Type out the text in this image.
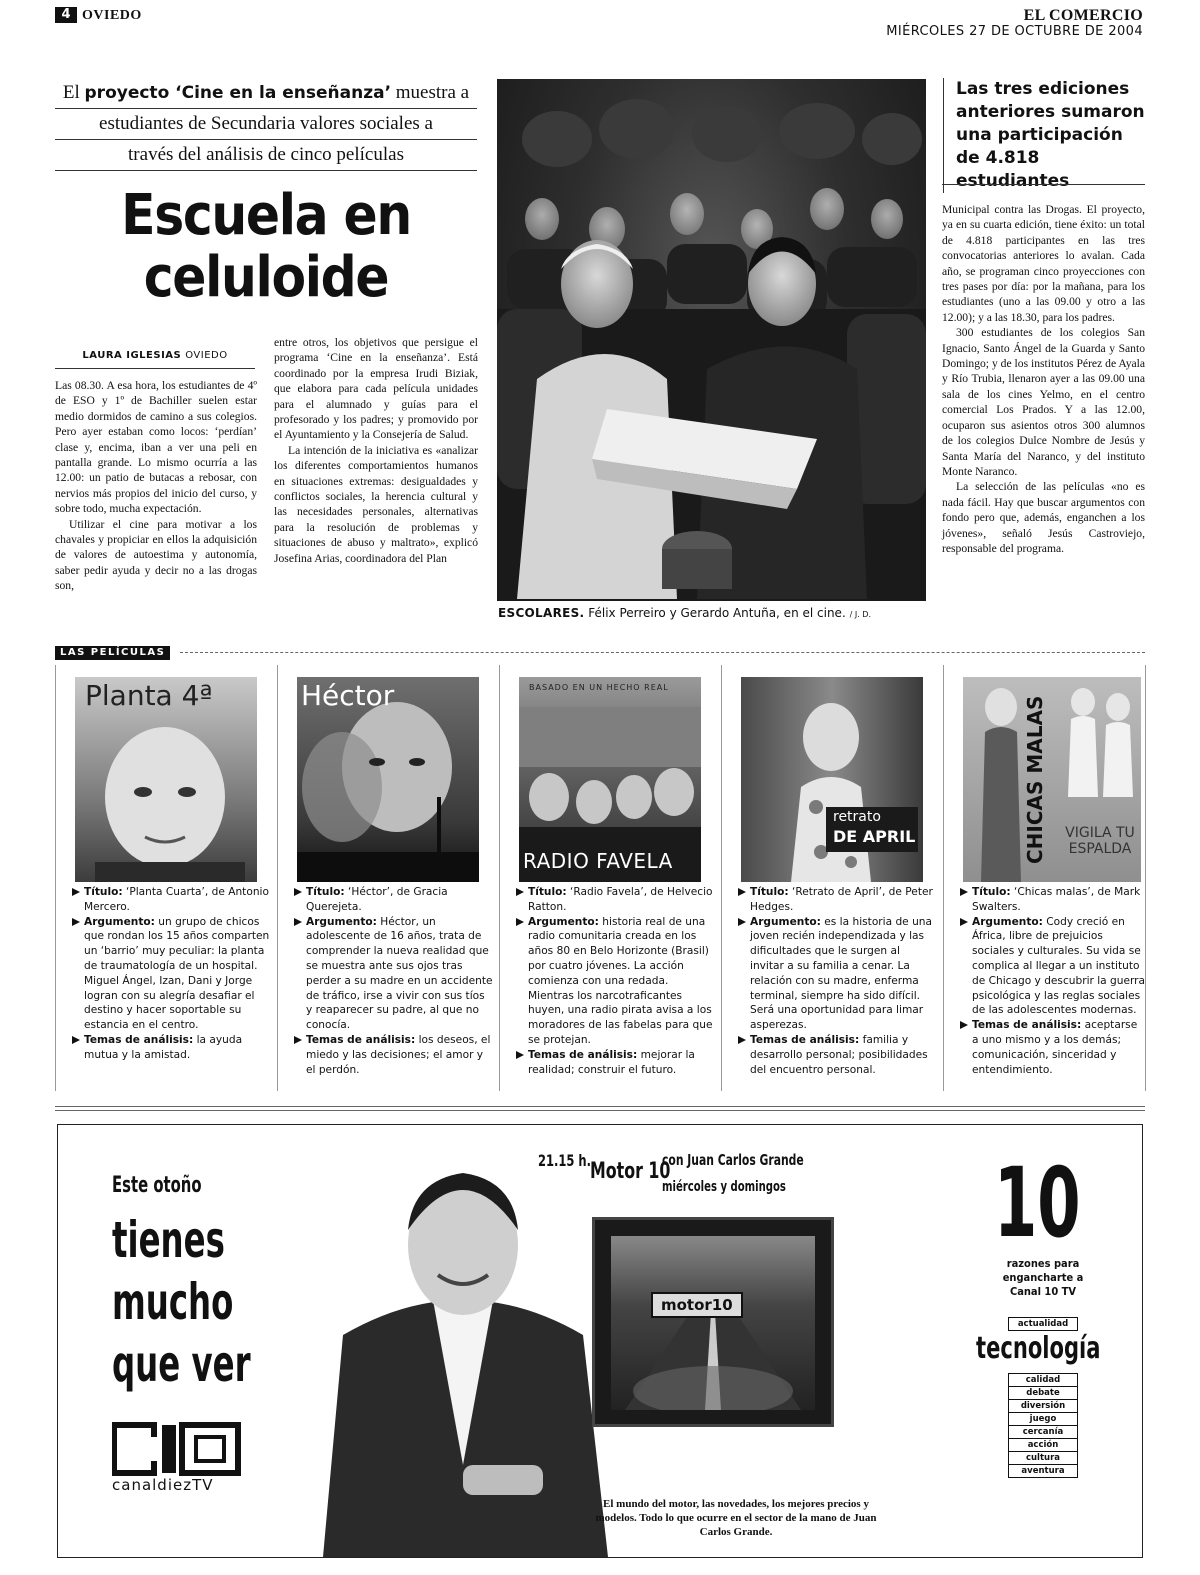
4 OVIEDO	EL COMERCIO
MIÉRCOLES 27 DE OCTUBRE DE 2004
El proyecto ‘Cine en la enseñanza’ muestra a
estudiantes de Secundaria valores sociales a
través del análisis de cinco películas
Escuela en
celuloide
LAURA IGLESIAS OVIEDO

Las 08.30. A esa hora, los estudiantes de 4º de ESO y 1º de Bachiller suelen estar medio dormidos de camino a sus colegios. Pero ayer estaban como locos: ‘perdían’ clase y, encima, iban a ver una peli en pantalla grande. Lo mismo ocurría a las 12.00: un patio de butacas a rebosar, con nervios más propios del inicio del curso, y sobre todo, mucha expectación.

Utilizar el cine para motivar a los chavales y propiciar en ellos la adquisición de valores de autoestima y autonomía, saber pedir ayuda y decir no a las drogas son,

entre otros, los objetivos que persigue el programa ‘Cine en la enseñanza’. Está coordinado por la empresa Irudi Biziak, que elabora para cada película unidades para el alumnado y guías para el profesorado y los padres; y promovido por el Ayuntamiento y la Consejería de Salud.

La intención de la iniciativa es «analizar los diferentes comportamientos humanos en situaciones extremas: desigualdades y conflictos sociales, la herencia cultural y las necesidades personales, alternativas para la resolución de problemas y situaciones de abuso y maltrato», explicó Josefina Arias, coordinadora del Plan

Municipal contra las Drogas. El proyecto, ya en su cuarta edición, tiene éxito: un total de 4.818 participantes en las tres convocatorias anteriores lo avalan. Cada año, se programan cinco proyecciones con tres pases por día: por la mañana, para los estudiantes (uno a las 09.00 y otro a las 12.00); y a las 18.30, para los padres.

300 estudiantes de los colegios San Ignacio, Santo Ángel de la Guarda y Santo Domingo; y de los institutos Pérez de Ayala y Río Trubia, llenaron ayer a las 09.00 una sala de los cines Yelmo, en el centro comercial Los Prados. Y a las 12.00, ocuparon sus asientos otros 300 alumnos de los colegios Dulce Nombre de Jesús y Santa María del Naranco, y del instituto Monte Naranco.

La selección de las películas «no es nada fácil. Hay que buscar argumentos con fondo pero que, además, enganchen a los jóvenes», señaló Jesús Castroviejo, responsable del programa.

Las tres ediciones anteriores sumaron una participación de 4.818 estudiantes
ESCOLARES. Félix Perreiro y Gerardo Antuña, en el cine. / J. D.
LAS PELÍCULAS
Planta 4ª
Título: ‘Planta Cuarta’, de Antonio Mercero.
Argumento: un grupo de chicos que rondan los 15 años comparten un ‘barrio’ muy peculiar: la planta de traumatología de un hospital. Miguel Ángel, Izan, Dani y Jorge logran con su alegría desafiar el destino y hacer soportable su estancia en el centro.
Temas de análisis: la ayuda mutua y la amistad.
Héctor
Título: ‘Héctor’, de Gracia Querejeta.
Argumento: Héctor, un adolescente de 16 años, trata de comprender la nueva realidad que se muestra ante sus ojos tras perder a su madre en un accidente de tráfico, irse a vivir con sus tíos y reaparecer su padre, al que no conocía.
Temas de análisis: los deseos, el miedo y las decisiones; el amor y el perdón.
BASADO EN UN HECHO REAL
RADIO FAVELA
Título: ‘Radio Favela’, de Helvecio Ratton.
Argumento: historia real de una radio comunitaria creada en los años 80 en Belo Horizonte (Brasil) por cuatro jóvenes. La acción comienza con una redada. Mientras los narcotraficantes huyen, una radio pirata avisa a los moradores de las fabelas para que se protejan.
Temas de análisis: mejorar la realidad; construir el futuro.
retrato
DE APRIL
Título: ‘Retrato de April’, de Peter Hedges.
Argumento: es la historia de una joven recién independizada y las dificultades que le surgen al invitar a su familia a cenar. La relación con su madre, enferma terminal, siempre ha sido difícil. Será una oportunidad para limar asperezas.
Temas de análisis: familia y desarrollo personal; posibilidades del encuentro personal.
CHICAS MALAS VIGILA TU ESPALDA
Título: ‘Chicas malas’, de Mark Swalters.
Argumento: Cody creció en África, libre de prejuicios sociales y culturales. Su vida se complica al llegar a un instituto de Chicago y descubrir la guerra psicológica y las reglas sociales de las adolescentes modernas.
Temas de análisis: aceptarse a uno mismo y a los demás; comunicación, sinceridad y entendimiento.
Este otoño
tienes
mucho
que ver
canaldiezTV
21.15 h.
Motor 10
con Juan Carlos Grande
miércoles y domingos
motor10
El mundo del motor, las novedades, los mejores precios y modelos. Todo lo que ocurre en el sector de la mano de Juan Carlos Grande.
10
razones para engancharte a Canal 10 TV
actualidad
tecnología
calidad
debate
diversión
juego
cercanía
acción
cultura
aventura
